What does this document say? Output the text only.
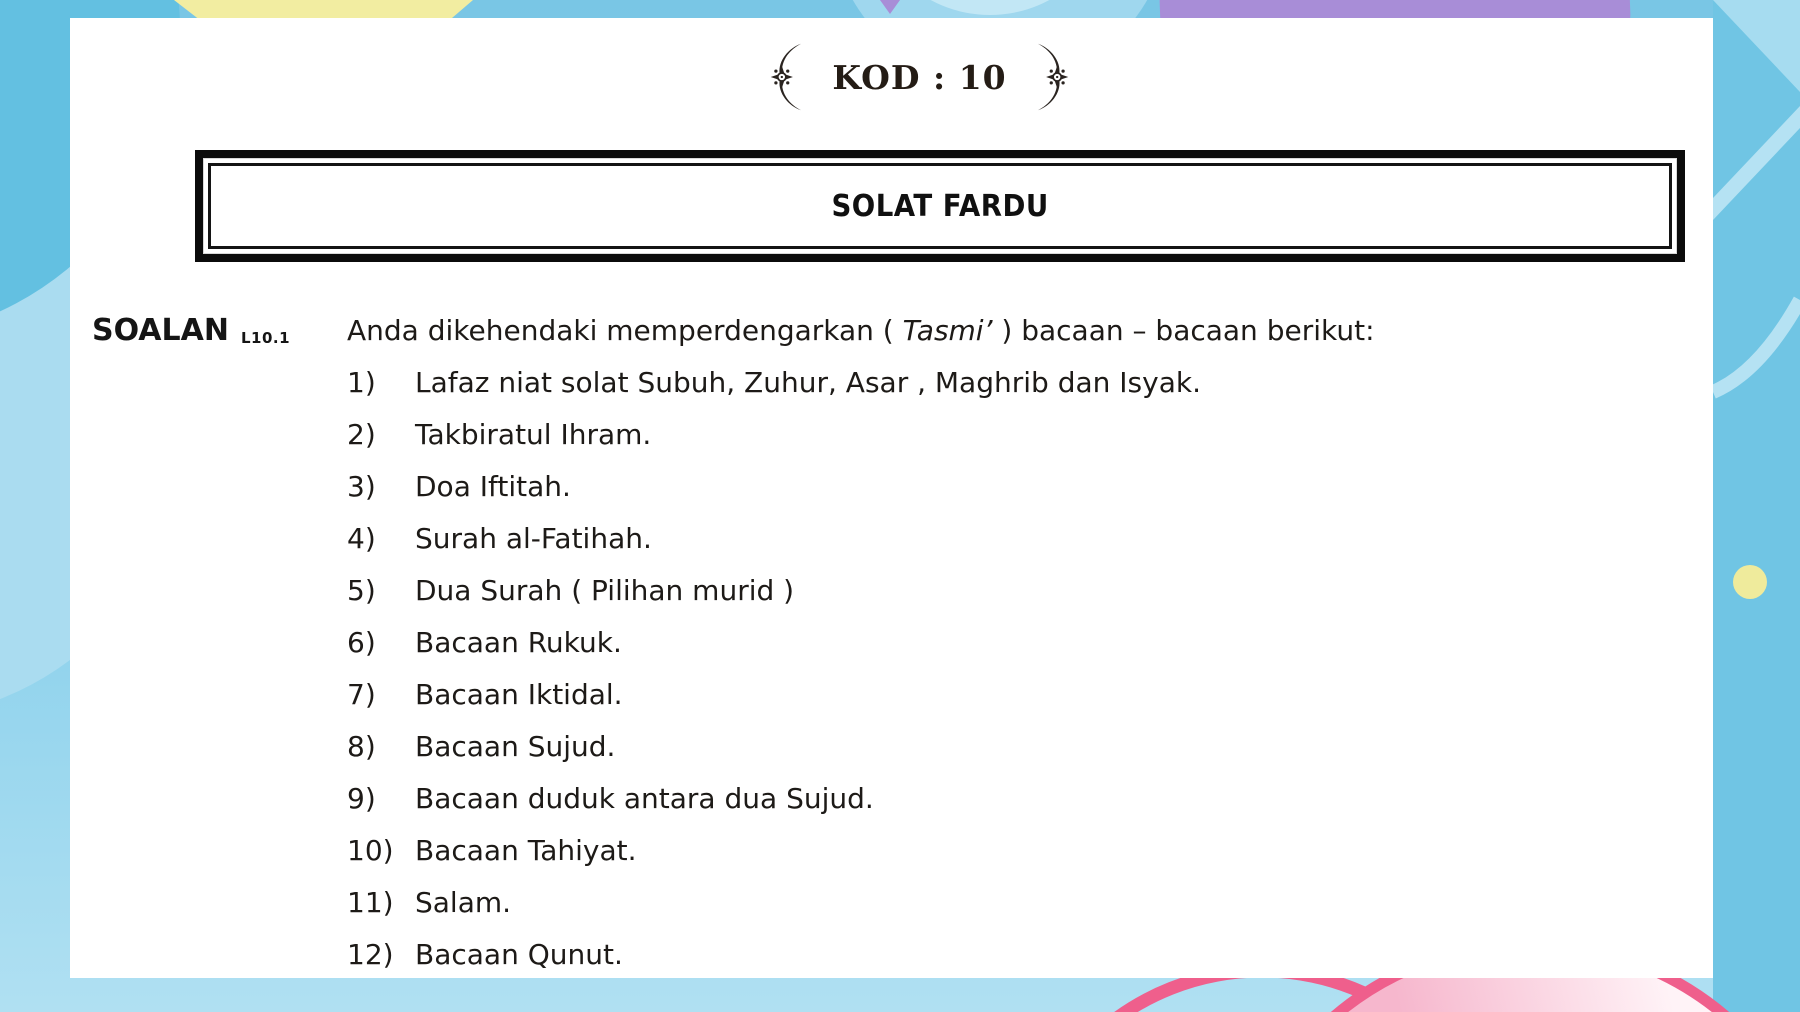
KOD : 10
SOLAT FARDU
SOALAN L10.1 Anda dikehendaki memperdengarkan ( Tasmi’ ) bacaan – bacaan berikut:
1) Lafaz niat solat Subuh, Zuhur, Asar , Maghrib dan Isyak.
2) Takbiratul Ihram.
3) Doa Iftitah.
4) Surah al-Fatihah.
5) Dua Surah ( Pilihan murid )
6) Bacaan Rukuk.
7) Bacaan Iktidal.
8) Bacaan Sujud.
9) Bacaan duduk antara dua Sujud.
10) Bacaan Tahiyat.
11) Salam.
12) Bacaan Qunut.
